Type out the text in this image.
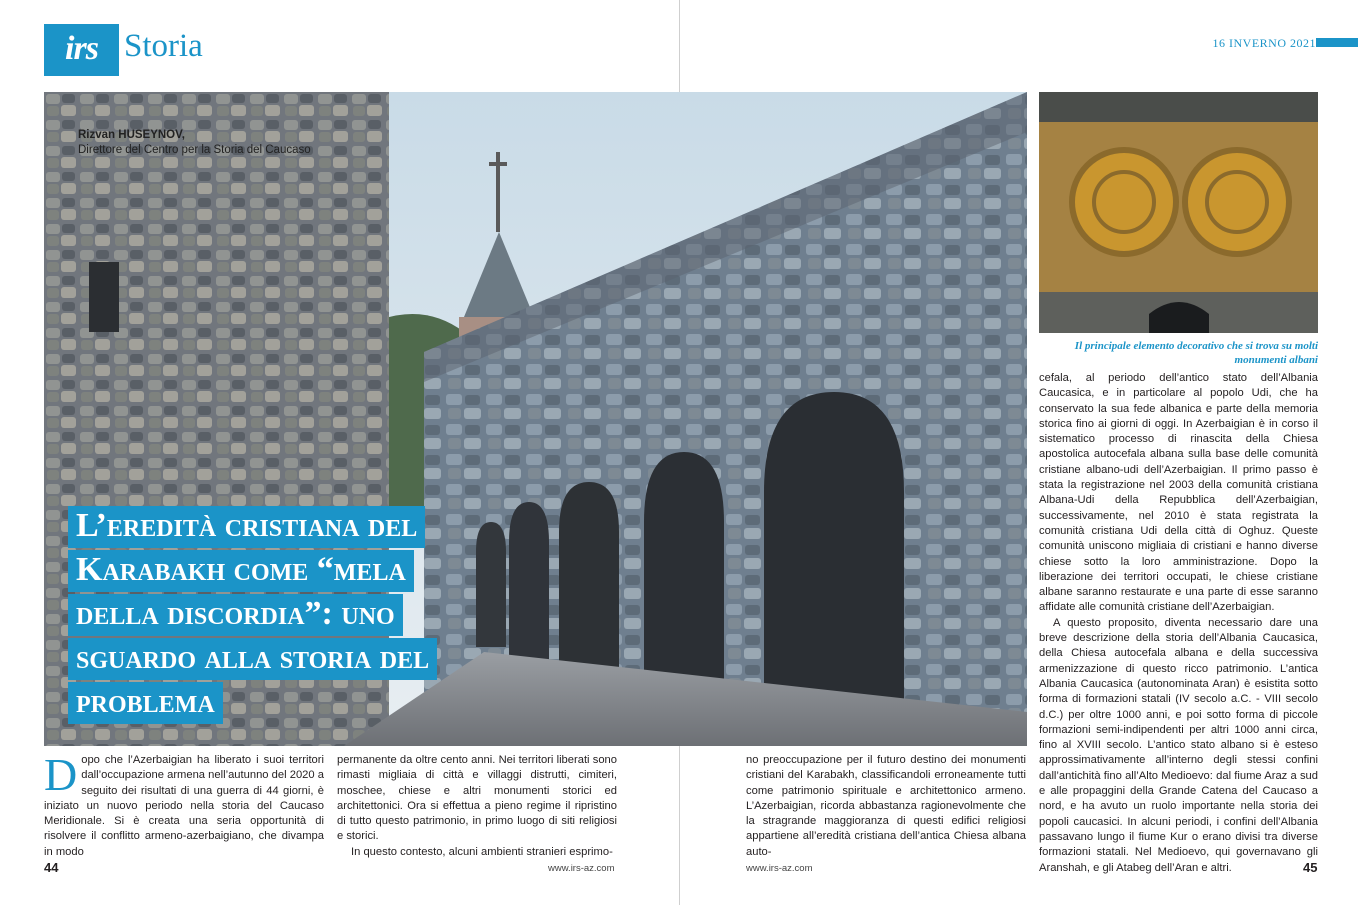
irs Storia	16 INVERNO 2021
Rizvan HUSEYNOV,
Direttore del Centro per la Storia del Caucaso
L’eredità cristiana del
Karabakh come “mela
della discordia”: uno
sguardo alla storia del
problema
Il principale elemento decorativo che si trova su molti monumenti albani

Dopo che l’Azerbaigian ha liberato i suoi territori dall’occupazione armena nell’autunno del 2020 a seguito dei risultati di una guerra di 44 giorni, è iniziato un nuovo periodo nella storia del Caucaso Meridionale. Si è creata una seria opportunità di risolvere il conflitto armeno-azerbaigiano, che divampa in modo

permanente da oltre cento anni. Nei territori liberati sono rimasti migliaia di città e villaggi distrutti, cimiteri, moschee, chiese e altri monumenti storici ed architettonici. Ora si effettua a pieno regime il ripristino di tutto questo patrimonio, in primo luogo di siti religiosi e storici.

In questo contesto, alcuni ambienti stranieri esprimo-

no preoccupazione per il futuro destino dei monumenti cristiani del Karabakh, classificandoli erroneamente tutti come patrimonio spirituale e architettonico armeno. L’Azerbaigian, ricorda abbastanza ragionevolmente che la stragrande maggioranza di questi edifici religiosi appartiene all’eredità cristiana dell’antica Chiesa albana auto-

cefala, al periodo dell’antico stato dell’Albania Caucasica, e in particolare al popolo Udi, che ha conservato la sua fede albanica e parte della memoria storica fino ai giorni di oggi. In Azerbaigian è in corso il sistematico processo di rinascita della Chiesa apostolica autocefala albana sulla base delle comunità cristiane albano-udi dell’Azerbaigian. Il primo passo è stata la registrazione nel 2003 della comunità cristiana Albana-Udi della Repubblica dell’Azerbaigian, successivamente, nel 2010 è stata registrata la comunità cristiana Udi della città di Oghuz. Queste comunità uniscono migliaia di cristiani e hanno diverse chiese sotto la loro amministrazione. Dopo la liberazione dei territori occupati, le chiese cristiane albane saranno restaurate e una parte di esse saranno affidate alle comunità cristiane dell’Azerbaigian.

A questo proposito, diventa necessario dare una breve descrizione della storia dell’Albania Caucasica, della Chiesa autocefala albana e della successiva armenizzazione di questo ricco patrimonio. L’antica Albania Caucasica (autonominata Aran) è esistita sotto forma di formazioni statali (IV secolo a.C. - VIII secolo d.C.) per oltre 1000 anni, e poi sotto forma di piccole formazioni semi-indipendenti per altri 1000 anni circa, fino al XVIII secolo. L’antico stato albano si è esteso approssimativamente all’interno degli stessi confini dall’antichità fino all’Alto Medioevo: dal fiume Araz a sud e alle propaggini della Grande Catena del Caucaso a nord, e ha avuto un ruolo importante nella storia dei popoli caucasici. In alcuni periodi, i confini dell’Albania passavano lungo il fiume Kur o erano divisi tra diverse formazioni statali. Nel Medioevo, qui governavano gli Aranshah, e gli Atabeg dell’Aran e altri.

44	www.irs-az.com	www.irs-az.com	45
